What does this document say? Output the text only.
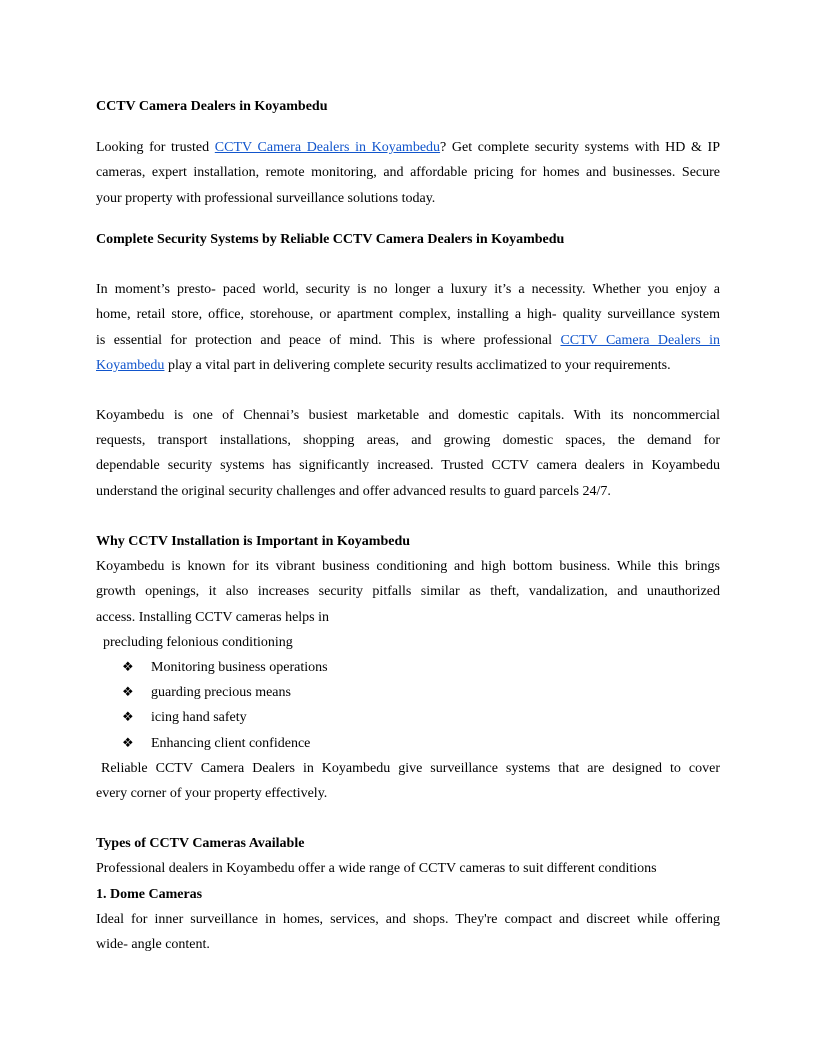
CCTV Camera Dealers in Koyambedu
Looking for trusted CCTV Camera Dealers in Koyambedu? Get complete security systems with HD & IP
cameras, expert installation, remote monitoring, and affordable pricing for homes and businesses. Secure
your property with professional surveillance solutions today.
Complete Security Systems by Reliable CCTV Camera Dealers in Koyambedu
In moment’s presto- paced world, security is no longer a luxury it’s a necessity. Whether you enjoy a
home, retail store, office, storehouse, or apartment complex, installing a high- quality surveillance system
is essential for protection and peace of mind. This is where professional CCTV Camera Dealers in
Koyambedu play a vital part in delivering complete security results acclimatized to your requirements.
Koyambedu is one of Chennai’s busiest marketable and domestic capitals. With its noncommercial
requests, transport installations, shopping areas, and growing domestic spaces, the demand for
dependable security systems has significantly increased. Trusted CCTV camera dealers in Koyambedu
understand the original security challenges and offer advanced results to guard parcels 24/7.
Why CCTV Installation is Important in Koyambedu
Koyambedu is known for its vibrant business conditioning and high bottom business. While this brings
growth openings, it also increases security pitfalls similar as theft, vandalization, and unauthorized
access. Installing CCTV cameras helps in
precluding felonious conditioning
❖ Monitoring business operations
❖ guarding precious means
❖ icing hand safety
❖ Enhancing client confidence
Reliable CCTV Camera Dealers in Koyambedu give surveillance systems that are designed to cover
every corner of your property effectively.
Types of CCTV Cameras Available
Professional dealers in Koyambedu offer a wide range of CCTV cameras to suit different conditions
1. Dome Cameras
Ideal for inner surveillance in homes, services, and shops. They're compact and discreet while offering
wide- angle content.
